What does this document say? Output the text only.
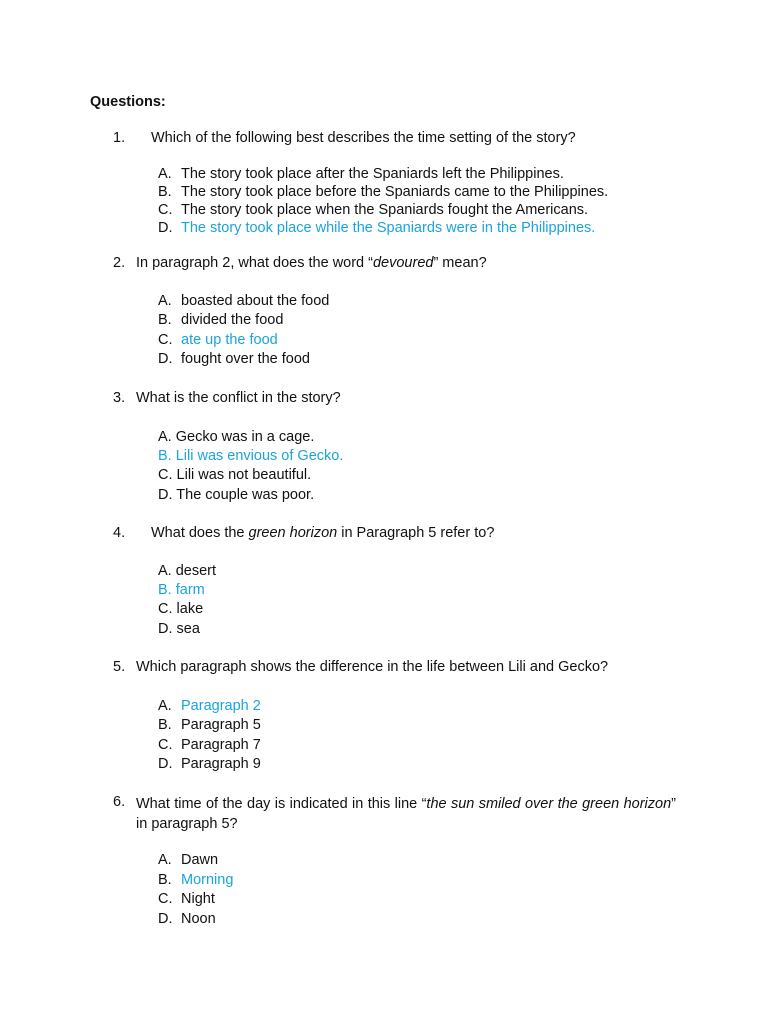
Questions:
1. Which of the following best describes the time setting of the story?
A. The story took place after the Spaniards left the Philippines.
B. The story took place before the Spaniards came to the Philippines.
C. The story took place when the Spaniards fought the Americans.
D. The story took place while the Spaniards were in the Philippines.
2. In paragraph 2, what does the word “devoured” mean?
A. boasted about the food
B. divided the food
C. ate up the food
D. fought over the food
3. What is the conflict in the story?
A. Gecko was in a cage.
B. Lili was envious of Gecko.
C. Lili was not beautiful.
D. The couple was poor.
4. What does the green horizon in Paragraph 5 refer to?
A. desert
B. farm
C. lake
D. sea
5. Which paragraph shows the difference in the life between Lili and Gecko?
A. Paragraph 2
B. Paragraph 5
C. Paragraph 7
D. Paragraph 9
6. What time of the day is indicated in this line “the sun smiled over the green horizon” in paragraph 5?
A. Dawn
B. Morning
C. Night
D. Noon
